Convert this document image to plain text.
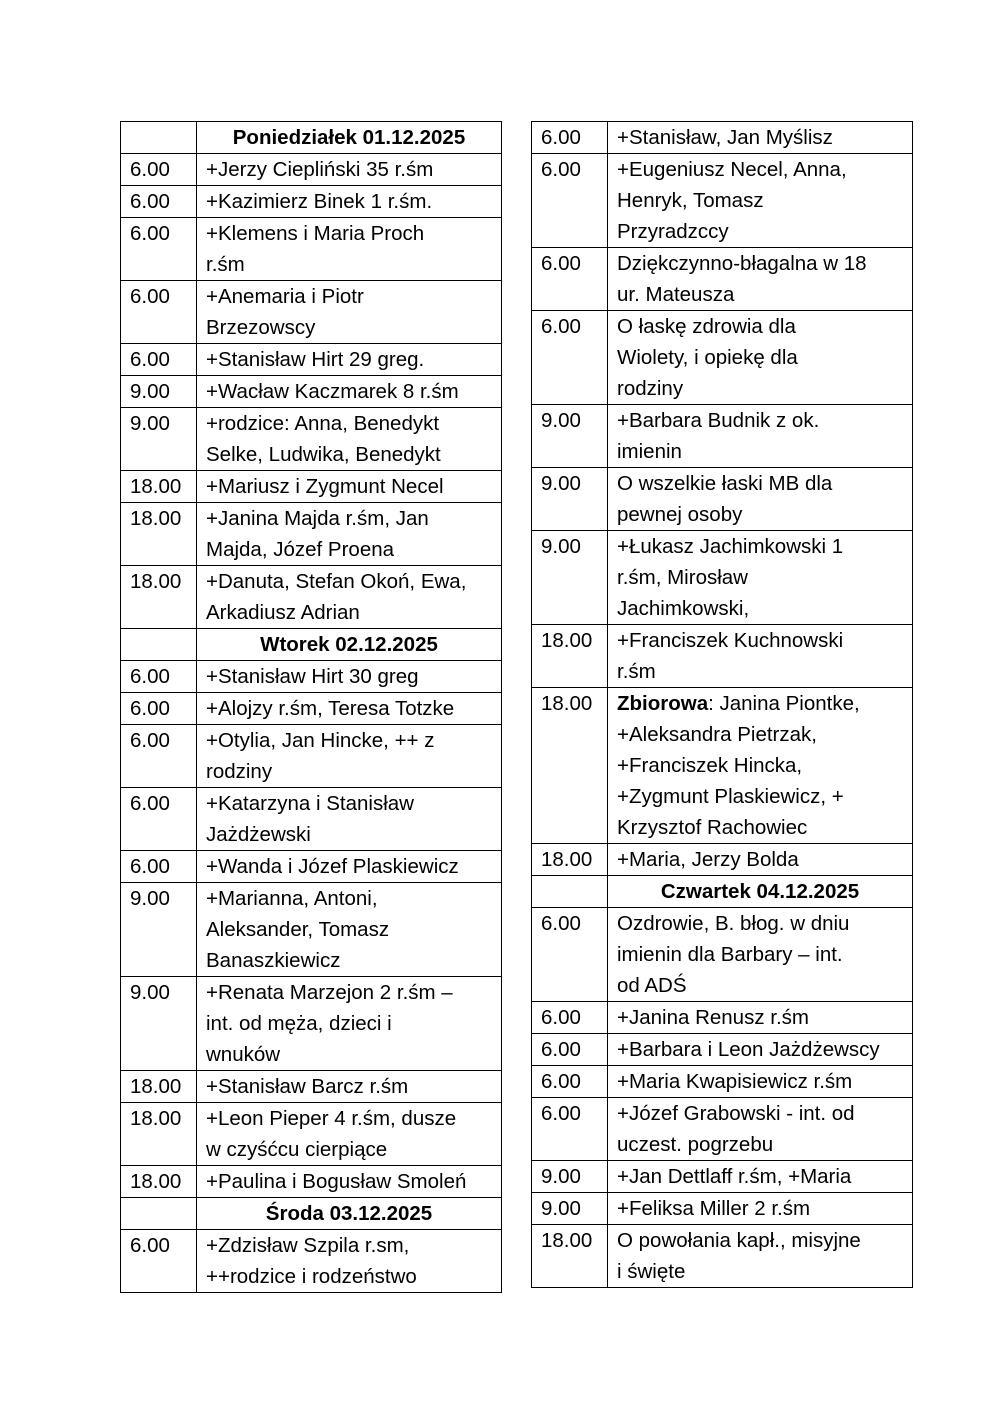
	Poniedziałek 01.12.2025
6.00	+Jerzy Ciepliński 35 r.śm
6.00	+Kazimierz Binek 1 r.śm.
6.00	+Klemens i Maria Proch
r.śm
6.00	+Anemaria i Piotr
Brzezowscy
6.00	+Stanisław Hirt 29 greg.
9.00	+Wacław Kaczmarek 8 r.śm
9.00	+rodzice: Anna, Benedykt
Selke, Ludwika, Benedykt
18.00	+Mariusz i Zygmunt Necel
18.00	+Janina Majda r.śm, Jan
Majda, Józef Proena
18.00	+Danuta, Stefan Okoń, Ewa,
Arkadiusz Adrian
	Wtorek 02.12.2025
6.00	+Stanisław Hirt 30 greg
6.00	+Alojzy r.śm, Teresa Totzke
6.00	+Otylia, Jan Hincke, ++ z
rodziny
6.00	+Katarzyna i Stanisław
Jażdżewski
6.00	+Wanda i Józef Plaskiewicz
9.00	+Marianna, Antoni,
Aleksander, Tomasz
Banaszkiewicz
9.00	+Renata Marzejon 2 r.śm –
int. od męża, dzieci i
wnuków
18.00	+Stanisław Barcz r.śm
18.00	+Leon Pieper 4 r.śm, dusze
w czyśćcu cierpiące
18.00	+Paulina i Bogusław Smoleń
	Środa 03.12.2025
6.00	+Zdzisław Szpila r.sm,
++rodzice i rodzeństwo
6.00	+Stanisław, Jan Myślisz
6.00	+Eugeniusz Necel, Anna,
Henryk, Tomasz
Przyradzccy
6.00	Dziękczynno-błagalna w 18
ur. Mateusza
6.00	O łaskę zdrowia dla
Wiolety, i opiekę dla
rodziny
9.00	+Barbara Budnik z ok.
imienin
9.00	O wszelkie łaski MB dla
pewnej osoby
9.00	+Łukasz Jachimkowski 1
r.śm, Mirosław
Jachimkowski,
18.00	+Franciszek Kuchnowski
r.śm
18.00	Zbiorowa: Janina Piontke,
+Aleksandra Pietrzak,
+Franciszek Hincka,
+Zygmunt Plaskiewicz, +
Krzysztof Rachowiec
18.00	+Maria, Jerzy Bolda
	Czwartek 04.12.2025
6.00	Ozdrowie, B. błog. w dniu
imienin dla Barbary – int.
od ADŚ
6.00	+Janina Renusz r.śm
6.00	+Barbara i Leon Jażdżewscy
6.00	+Maria Kwapisiewicz r.śm
6.00	+Józef Grabowski - int. od
uczest. pogrzebu
9.00	+Jan Dettlaff r.śm, +Maria
9.00	+Feliksa Miller 2 r.śm
18.00	O powołania kapł., misyjne
i święte
